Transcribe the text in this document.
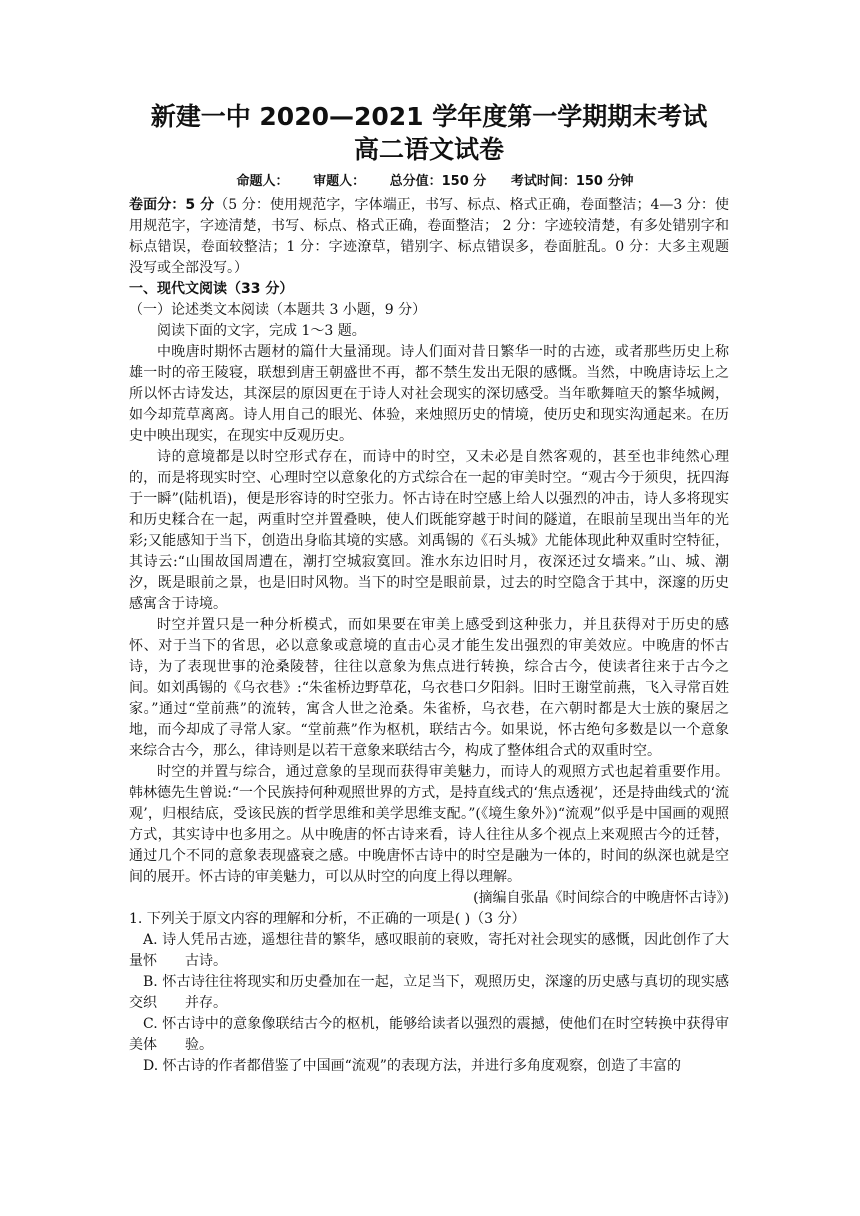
新建一中 2020—2021 学年度第一学期期末考试
高二语文试卷
命题人： 审题人： 总分值：150 分 考试时间：150 分钟

卷面分：5 分（5 分：使用规范字，字体端正，书写、标点、格式正确，卷面整洁；4—3 分：使用规范字，字迹清楚，书写、标点、格式正确，卷面整洁； 2 分：字迹较清楚，有多处错别字和标点错误，卷面较整洁；1 分：字迹潦草，错别字、标点错误多，卷面脏乱。0 分：大多主观题没写或全部没写。）

一、现代文阅读（33 分）

（一）论述类文本阅读（本题共 3 小题，9 分）

阅读下面的文字，完成 1～3 题。

中晚唐时期怀古题材的篇什大量涌现。诗人们面对昔日繁华一时的古迹，或者那些历史上称雄一时的帝王陵寝，联想到唐王朝盛世不再，都不禁生发出无限的感慨。当然，中晚唐诗坛上之所以怀古诗发达，其深层的原因更在于诗人对社会现实的深切感受。当年歌舞喧天的繁华城阙，如今却荒草离离。诗人用自己的眼光、体验，来烛照历史的情境，使历史和现实沟通起来。在历史中映出现实，在现实中反观历史。

诗的意境都是以时空形式存在，而诗中的时空，又未必是自然客观的，甚至也非纯然心理的，而是将现实时空、心理时空以意象化的方式综合在一起的审美时空。“观古今于须臾，抚四海于一瞬”(陆机语)，便是形容诗的时空张力。怀古诗在时空感上给人以强烈的冲击，诗人多将现实和历史糅合在一起，两重时空并置叠映，使人们既能穿越于时间的隧道，在眼前呈现出当年的光彩;又能感知于当下，创造出身临其境的实感。刘禹锡的《石头城》尤能体现此种双重时空特征，其诗云:“山围故国周遭在，潮打空城寂寞回。淮水东边旧时月，夜深还过女墙来。”山、城、潮汐，既是眼前之景，也是旧时风物。当下的时空是眼前景，过去的时空隐含于其中，深邃的历史感寓含于诗境。

时空并置只是一种分析模式，而如果要在审美上感受到这种张力，并且获得对于历史的感怀、对于当下的省思，必以意象或意境的直击心灵才能生发出强烈的审美效应。中晚唐的怀古诗，为了表现世事的沧桑陵替，往往以意象为焦点进行转换，综合古今，使读者往来于古今之间。如刘禹锡的《乌衣巷》:“朱雀桥边野草花，乌衣巷口夕阳斜。旧时王谢堂前燕，飞入寻常百姓家。”通过“堂前燕”的流转，寓含人世之沧桑。朱雀桥，乌衣巷，在六朝时都是大士族的聚居之地，而今却成了寻常人家。“堂前燕”作为枢机，联结古今。如果说，怀古绝句多数是以一个意象来综合古今，那么，律诗则是以若干意象来联结古今，构成了整体组合式的双重时空。

时空的并置与综合，通过意象的呈现而获得审美魅力，而诗人的观照方式也起着重要作用。韩林德先生曾说:“一个民族持何种观照世界的方式，是持直线式的‘焦点透视’，还是持曲线式的‘流观’，归根结底，受该民族的哲学思维和美学思维支配。”(《境生象外》)“流观”似乎是中国画的观照方式，其实诗中也多用之。从中晚唐的怀古诗来看，诗人往往从多个视点上来观照古今的迁替，通过几个不同的意象表现盛衰之感。中晚唐怀古诗中的时空是融为一体的，时间的纵深也就是空间的展开。怀古诗的审美魅力，可以从时空的向度上得以理解。

(摘编自张晶《时间综合的中晚唐怀古诗》)

1. 下列关于原文内容的理解和分析，不正确的一项是( )（3 分）

A. 诗人凭吊古迹，遥想往昔的繁华，感叹眼前的衰败，寄托对社会现实的感慨，因此创作了大量怀　　古诗。

B. 怀古诗往往将现实和历史叠加在一起，立足当下，观照历史，深邃的历史感与真切的现实感交织　　并存。

C. 怀古诗中的意象像联结古今的枢机，能够给读者以强烈的震撼，使他们在时空转换中获得审美体　　验。

D. 怀古诗的作者都借鉴了中国画“流观”的表现方法，并进行多角度观察，创造了丰富的
